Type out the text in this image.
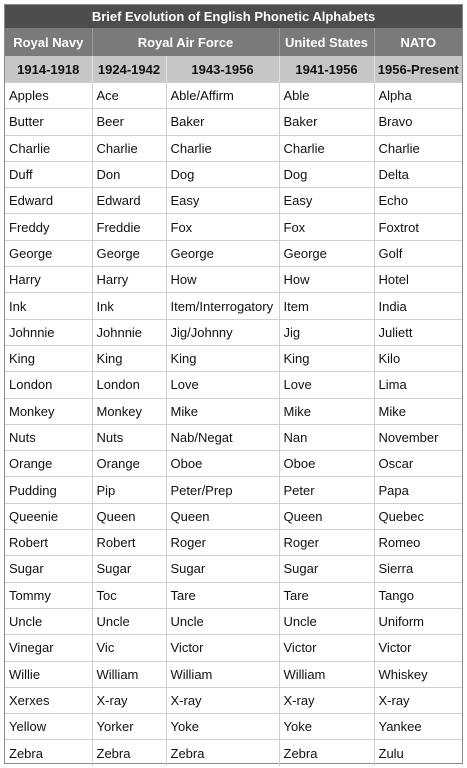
Brief Evolution of English Phonetic Alphabets				
Royal Navy	Royal Air Force		United States	NATO
1914-1918	1924-1942	1943-1956	1941-1956	1956-Present
Apples	Ace	Able/Affirm	Able	Alpha
Butter	Beer	Baker	Baker	Bravo
Charlie	Charlie	Charlie	Charlie	Charlie
Duff	Don	Dog	Dog	Delta
Edward	Edward	Easy	Easy	Echo
Freddy	Freddie	Fox	Fox	Foxtrot
George	George	George	George	Golf
Harry	Harry	How	How	Hotel
Ink	Ink	Item/Interrogatory	Item	India
Johnnie	Johnnie	Jig/Johnny	Jig	Juliett
King	King	King	King	Kilo
London	London	Love	Love	Lima
Monkey	Monkey	Mike	Mike	Mike
Nuts	Nuts	Nab/Negat	Nan	November
Orange	Orange	Oboe	Oboe	Oscar
Pudding	Pip	Peter/Prep	Peter	Papa
Queenie	Queen	Queen	Queen	Quebec
Robert	Robert	Roger	Roger	Romeo
Sugar	Sugar	Sugar	Sugar	Sierra
Tommy	Toc	Tare	Tare	Tango
Uncle	Uncle	Uncle	Uncle	Uniform
Vinegar	Vic	Victor	Victor	Victor
Willie	William	William	William	Whiskey
Xerxes	X-ray	X-ray	X-ray	X-ray
Yellow	Yorker	Yoke	Yoke	Yankee
Zebra	Zebra	Zebra	Zebra	Zulu
